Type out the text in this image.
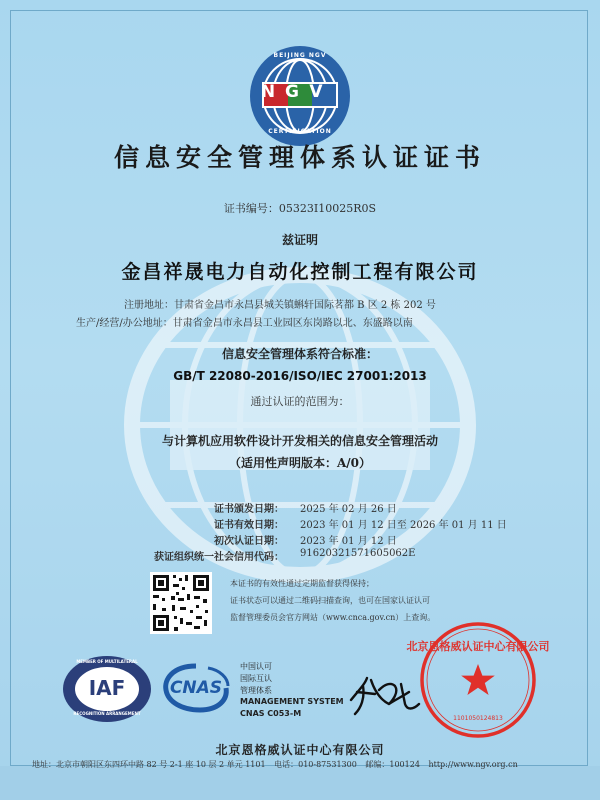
N G V
BEIJING NGV
CERTIFICATION
信息安全管理体系认证证书
证书编号：05323I10025R0S
兹证明
金昌祥晟电力自动化控制工程有限公司
注册地址：甘肃省金昌市永昌县城关镇蝌轩国际茗都 B 区 2 栋 202 号
生产/经营/办公地址：甘肃省金昌市永昌县工业园区东岗路以北、东盛路以南
信息安全管理体系符合标准：
GB/T 22080-2016/ISO/IEC 27001:2013
通过认证的范围为：
与计算机应用软件设计开发相关的信息安全管理活动
（适用性声明版本：A/0）
证书颁发日期： 2025 年 02 月 26 日
证书有效日期： 2023 年 01 月 12 日至 2026 年 01 月 11 日
初次认证日期： 2023 年 01 月 12 日
获证组织统一社会信用代码： 91620321571605062E
本证书的有效性通过定期监督获得保持；
证书状态可以通过二维码扫描查询，也可在国家认证认可
监督管理委员会官方网站（www.cnca.gov.cn）上查询。
IAF
MEMBER OF MULTILATERAL
RECOGNITION ARRANGEMENT
CNAS
中国认可
国际互认
管理体系
MANAGEMENT SYSTEM
CNAS C053-M
北京恩格威认证中心有限公司
1101050124813
北京恩格威认证中心有限公司
地址：北京市朝阳区东四环中路 82 号 2-1 座 10 层 2 单元 1101 电话：010-87531300 邮编：100124 http://www.ngv.org.cn
